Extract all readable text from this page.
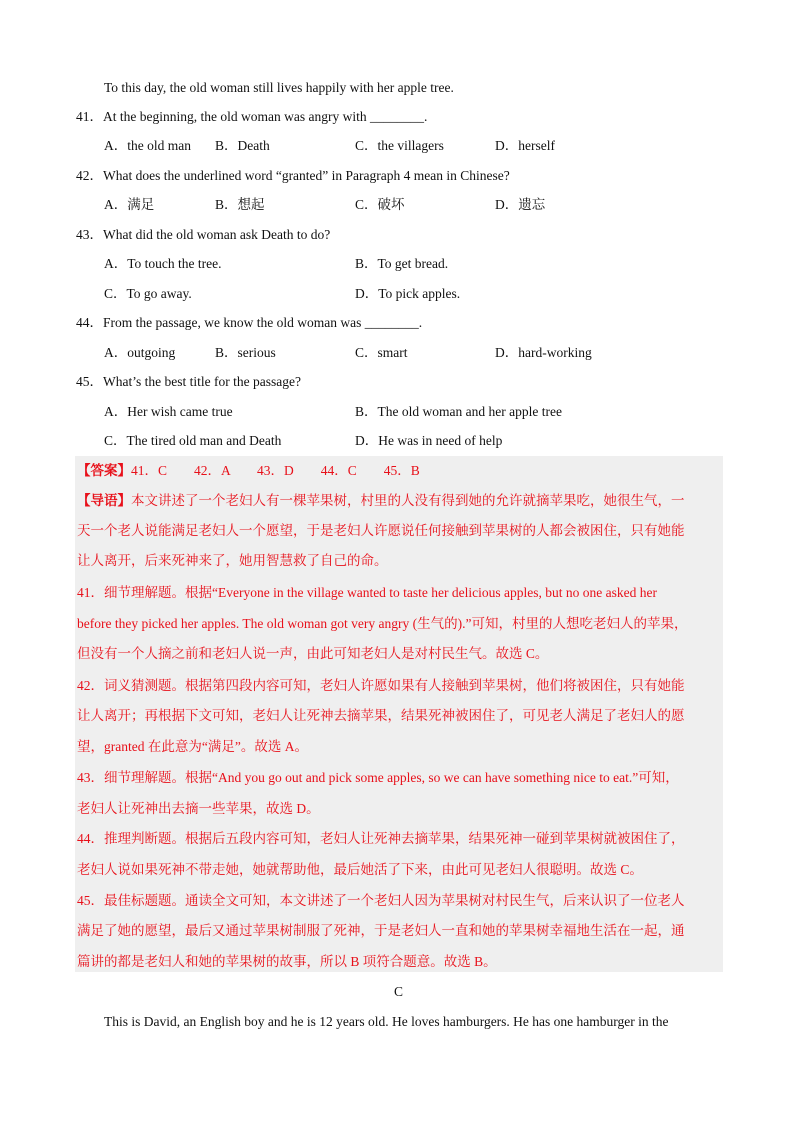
To this day, the old woman still lives happily with her apple tree.
41．At the beginning, the old woman was angry with ________.
A．the old man B．Death	C．the villagers	D．herself
42．What does the underlined word “granted” in Paragraph 4 mean in Chinese?
A．满足	B．想起	C．破坏	D．遗忘
43．What did the old woman ask Death to do?
A．To touch the tree.	B．To get bread.
C．To go away.	D．To pick apples.
44．From the passage, we know the old woman was ________.
A．outgoing	B．serious	C．smart	D．hard-working
45．What’s the best title for the passage?
A．Her wish came true	B．The old woman and her apple tree
C．The tired old man and Death	D．He was in need of help
【答案】41．C　　42．A　　43．D　　44．C　　45．B
【导语】本文讲述了一个老妇人有一棵苹果树，村里的人没有得到她的允许就摘苹果吃，她很生气，一
天一个老人说能满足老妇人一个愿望，于是老妇人许愿说任何接触到苹果树的人都会被困住，只有她能
让人离开，后来死神来了，她用智慧救了自己的命。
41．细节理解题。根据“Everyone in the village wanted to taste her delicious apples, but no one asked her
before they picked her apples. The old woman got very angry (生气的).”可知，村里的人想吃老妇人的苹果，
但没有一个人摘之前和老妇人说一声，由此可知老妇人是对村民生气。故选 C。
42．词义猜测题。根据第四段内容可知，老妇人许愿如果有人接触到苹果树，他们将被困住，只有她能
让人离开；再根据下文可知，老妇人让死神去摘苹果，结果死神被困住了，可见老人满足了老妇人的愿
望，granted 在此意为“满足”。故选 A。
43．细节理解题。根据“And you go out and pick some apples, so we can have something nice to eat.”可知，
老妇人让死神出去摘一些苹果，故选 D。
44．推理判断题。根据后五段内容可知，老妇人让死神去摘苹果，结果死神一碰到苹果树就被困住了，
老妇人说如果死神不带走她，她就帮助他，最后她活了下来，由此可见老妇人很聪明。故选 C。
45．最佳标题题。通读全文可知，本文讲述了一个老妇人因为苹果树对村民生气，后来认识了一位老人
满足了她的愿望，最后又通过苹果树制服了死神，于是老妇人一直和她的苹果树幸福地生活在一起，通
篇讲的都是老妇人和她的苹果树的故事，所以 B 项符合题意。故选 B。
C
This is David, an English boy and he is 12 years old. He loves hamburgers. He has one hamburger in the
